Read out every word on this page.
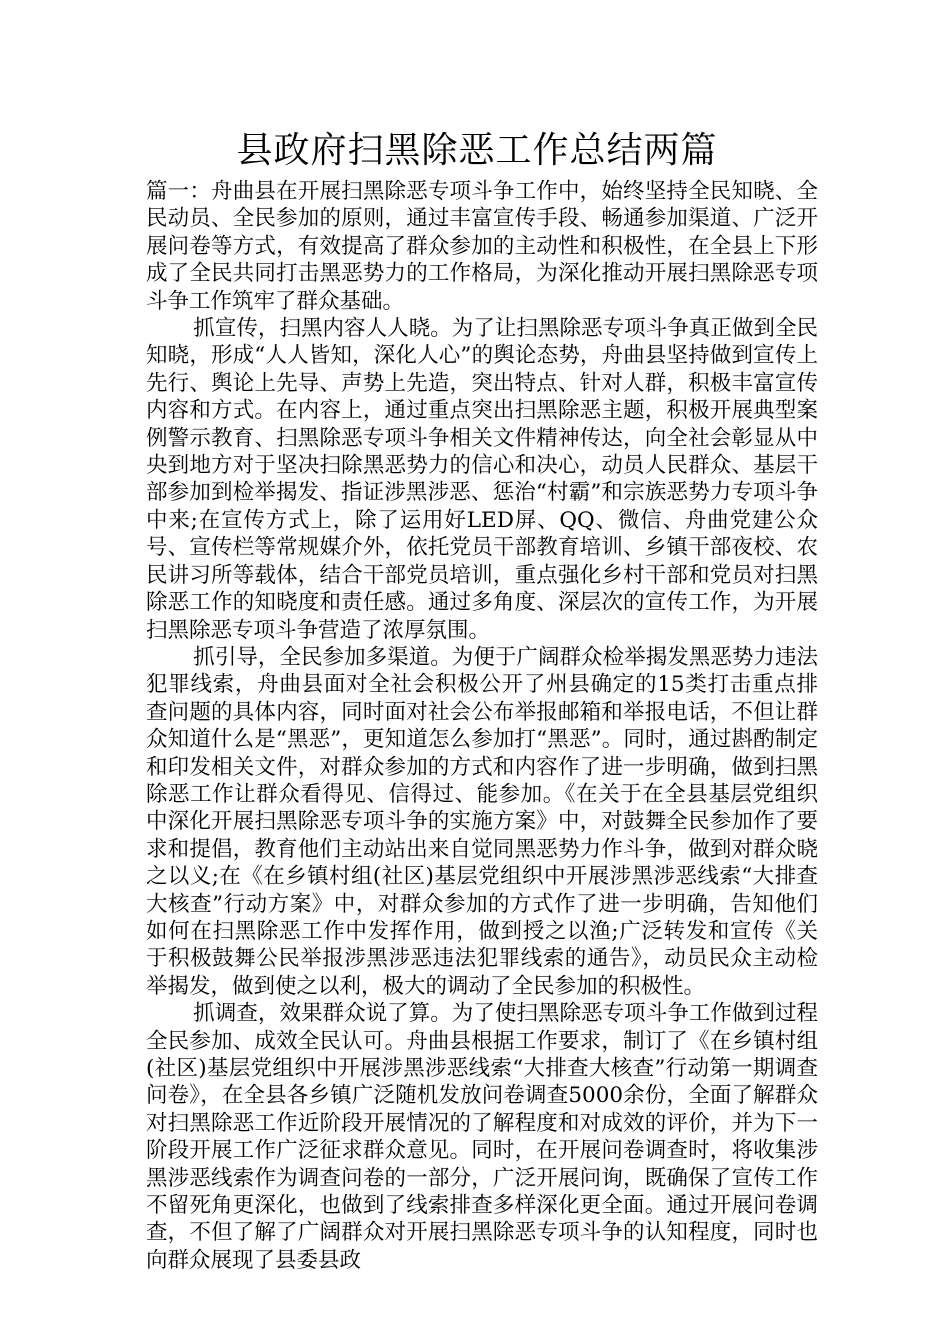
县政府扫黑除恶工作总结两篇

篇一：舟曲县在开展扫黑除恶专项斗争工作中，始终坚持全民知晓、全民动员、全民参加的原则，通过丰富宣传手段、畅通参加渠道、广泛开展问卷等方式，有效提高了群众参加的主动性和积极性，在全县上下形成了全民共同打击黑恶势力的工作格局，为深化推动开展扫黑除恶专项斗争工作筑牢了群众基础。

抓宣传，扫黑内容人人晓。为了让扫黑除恶专项斗争真正做到全民知晓，形成“人人皆知，深化人心”的舆论态势，舟曲县坚持做到宣传上先行、舆论上先导、声势上先造，突出特点、针对人群，积极丰富宣传内容和方式。在内容上，通过重点突出扫黑除恶主题，积极开展典型案例警示教育、扫黑除恶专项斗争相关文件精神传达，向全社会彰显从中央到地方对于坚决扫除黑恶势力的信心和决心，动员人民群众、基层干部参加到检举揭发、指证涉黑涉恶、惩治“村霸”和宗族恶势力专项斗争中来;在宣传方式上，除了运用好LED屏、QQ、微信、舟曲党建公众号、宣传栏等常规媒介外，依托党员干部教育培训、乡镇干部夜校、农民讲习所等载体，结合干部党员培训，重点强化乡村干部和党员对扫黑除恶工作的知晓度和责任感。通过多角度、深层次的宣传工作，为开展扫黑除恶专项斗争营造了浓厚氛围。

抓引导，全民参加多渠道。为便于广阔群众检举揭发黑恶势力违法犯罪线索，舟曲县面对全社会积极公开了州县确定的15类打击重点排查问题的具体内容，同时面对社会公布举报邮箱和举报电话，不但让群众知道什么是“黑恶”，更知道怎么参加打“黑恶”。同时，通过斟酌制定和印发相关文件，对群众参加的方式和内容作了进一步明确，做到扫黑除恶工作让群众看得见、信得过、能参加。《在关于在全县基层党组织中深化开展扫黑除恶专项斗争的实施方案》中，对鼓舞全民参加作了要求和提倡，教育他们主动站出来自觉同黑恶势力作斗争，做到对群众晓之以义;在《在乡镇村组(社区)基层党组织中开展涉黑涉恶线索“大排查大核查”行动方案》中，对群众参加的方式作了进一步明确，告知他们如何在扫黑除恶工作中发挥作用，做到授之以渔;广泛转发和宣传《关于积极鼓舞公民举报涉黑涉恶违法犯罪线索的通告》，动员民众主动检举揭发，做到使之以利，极大的调动了全民参加的积极性。

抓调查，效果群众说了算。为了使扫黑除恶专项斗争工作做到过程全民参加、成效全民认可。舟曲县根据工作要求，制订了《在乡镇村组(社区)基层党组织中开展涉黑涉恶线索“大排查大核查”行动第一期调查问卷》，在全县各乡镇广泛随机发放问卷调查5000余份，全面了解群众对扫黑除恶工作近阶段开展情况的了解程度和对成效的评价，并为下一阶段开展工作广泛征求群众意见。同时，在开展问卷调查时，将收集涉黑涉恶线索作为调查问卷的一部分，广泛开展问询，既确保了宣传工作不留死角更深化，也做到了线索排查多样深化更全面。通过开展问卷调查，不但了解了广阔群众对开展扫黑除恶专项斗争的认知程度，同时也向群众展现了县委县政
